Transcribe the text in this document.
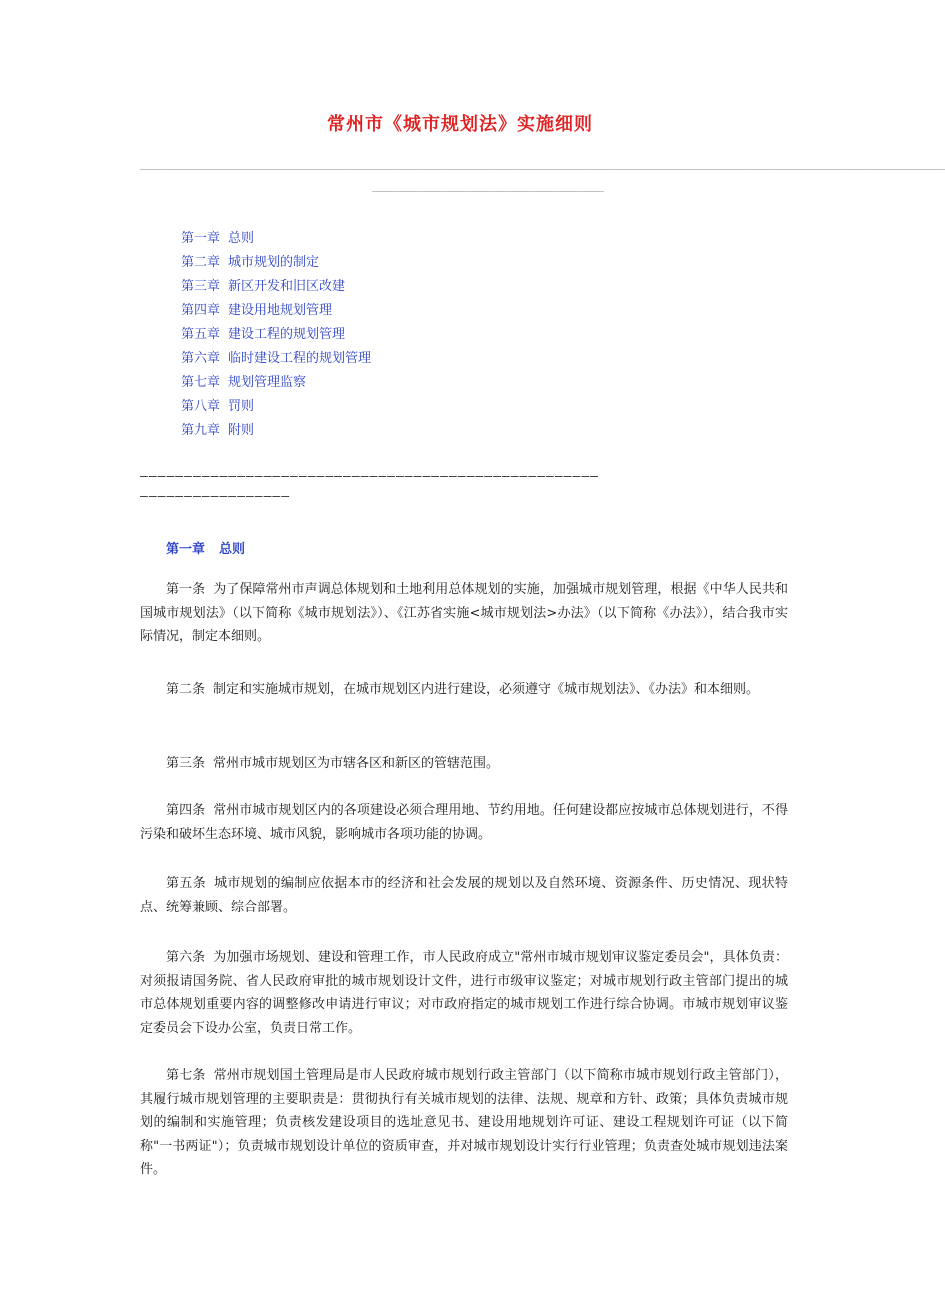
常州市《城市规划法》实施细则
_______________________________________________________________________________________________________________________________________________________________________
________________________________________________
第一章 总则
第二章 城市规划的制定
第三章 新区开发和旧区改建
第四章 建设用地规划管理
第五章 建设工程的规划管理
第六章 临时建设工程的规划管理
第七章 规划管理监察
第八章 罚则
第九章 附则
————————————————————————————————————————————————————
—————————————————
第一章 总则

第一条 为了保障常州市声调总体规划和土地利用总体规划的实施，加强城市规划管理，根据《中华人民共和国城市规划法》（以下简称《城市规划法》）、《江苏省实施<城市规划法>办法》（以下简称《办法》），结合我市实际情况，制定本细则。

第二条 制定和实施城市规划，在城市规划区内进行建设，必须遵守《城市规划法》、《办法》和本细则。

第三条 常州市城市规划区为市辖各区和新区的管辖范围。

第四条 常州市城市规划区内的各项建设必须合理用地、节约用地。任何建设都应按城市总体规划进行，不得污染和破坏生态环境、城市风貌，影响城市各项功能的协调。

第五条 城市规划的编制应依据本市的经济和社会发展的规划以及自然环境、资源条件、历史情况、现状特点、统筹兼顾、综合部署。

第六条 为加强市场规划、建设和管理工作，市人民政府成立"常州市城市规划审议鉴定委员会"，具体负责：对须报请国务院、省人民政府审批的城市规划设计文件，进行市级审议鉴定；对城市规划行政主管部门提出的城市总体规划重要内容的调整修改申请进行审议；对市政府指定的城市规划工作进行综合协调。市城市规划审议鉴定委员会下设办公室，负责日常工作。

第七条 常州市规划国土管理局是市人民政府城市规划行政主管部门（以下简称市城市规划行政主管部门），其履行城市规划管理的主要职责是：贯彻执行有关城市规划的法律、法规、规章和方针、政策；具体负责城市规划的编制和实施管理；负责核发建设项目的选址意见书、建设用地规划许可证、建设工程规划许可证（以下简称"一书两证"）；负责城市规划设计单位的资质审查，并对城市规划设计实行行业管理；负责查处城市规划违法案件。
